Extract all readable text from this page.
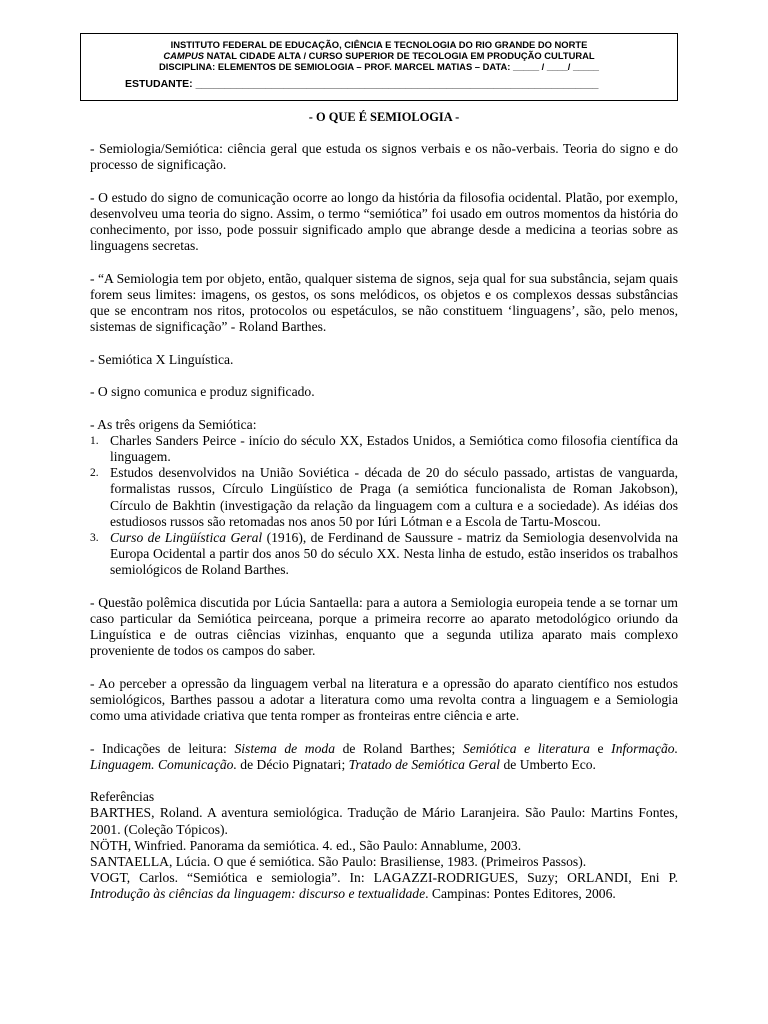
INSTITUTO FEDERAL DE EDUCAÇÃO, CIÊNCIA E TECNOLOGIA DO RIO GRANDE DO NORTE
CAMPUS NATAL CIDADE ALTA / CURSO SUPERIOR DE TECOLOGIA EM PRODUÇÃO CULTURAL
DISCIPLINA: ELEMENTOS DE SEMIOLOGIA – PROF. MARCEL MATIAS – DATA: _____ / ____/ _____
ESTUDANTE: _____________________________________________________________________
- O QUE É SEMIOLOGIA -

- Semiologia/Semiótica: ciência geral que estuda os signos verbais e os não-verbais. Teoria do signo e do processo de significação.

- O estudo do signo de comunicação ocorre ao longo da história da filosofia ocidental. Platão, por exemplo, desenvolveu uma teoria do signo. Assim, o termo “semiótica” foi usado em outros momentos da história do conhecimento, por isso, pode possuir significado amplo que abrange desde a medicina a teorias sobre as linguagens secretas.

- “A Semiologia tem por objeto, então, qualquer sistema de signos, seja qual for sua substância, sejam quais forem seus limites: imagens, os gestos, os sons melódicos, os objetos e os complexos dessas substâncias que se encontram nos ritos, protocolos ou espetáculos, se não constituem ‘linguagens’, são, pelo menos, sistemas de significação” - Roland Barthes.

- Semiótica X Linguística.

- O signo comunica e produz significado.

- As três origens da Semiótica:

1. Charles Sanders Peirce - início do século XX, Estados Unidos, a Semiótica como filosofia científica da linguagem.
2. Estudos desenvolvidos na União Soviética - década de 20 do século passado, artistas de vanguarda, formalistas russos, Círculo Lingüístico de Praga (a semiótica funcionalista de Roman Jakobson), Círculo de Bakhtin (investigação da relação da linguagem com a cultura e a sociedade). As idéias dos estudiosos russos são retomadas nos anos 50 por Iúri Lótman e a Escola de Tartu-Moscou.
3. Curso de Lingüística Geral (1916), de Ferdinand de Saussure - matriz da Semiologia desenvolvida na Europa Ocidental a partir dos anos 50 do século XX. Nesta linha de estudo, estão inseridos os trabalhos semiológicos de Roland Barthes.

- Questão polêmica discutida por Lúcia Santaella: para a autora a Semiologia europeia tende a se tornar um caso particular da Semiótica peirceana, porque a primeira recorre ao aparato metodológico oriundo da Linguística e de outras ciências vizinhas, enquanto que a segunda utiliza aparato mais complexo proveniente de todos os campos do saber.

- Ao perceber a opressão da linguagem verbal na literatura e a opressão do aparato científico nos estudos semiológicos, Barthes passou a adotar a literatura como uma revolta contra a linguagem e a Semiologia como uma atividade criativa que tenta romper as fronteiras entre ciência e arte.

- Indicações de leitura: Sistema de moda de Roland Barthes; Semiótica e literatura e Informação. Linguagem. Comunicação. de Décio Pignatari; Tratado de Semiótica Geral de Umberto Eco.

Referências
BARTHES, Roland. A aventura semiológica. Tradução de Mário Laranjeira. São Paulo: Martins Fontes, 2001. (Coleção Tópicos).
NÖTH, Winfried. Panorama da semiótica. 4. ed., São Paulo: Annablume, 2003.
SANTAELLA, Lúcia. O que é semiótica. São Paulo: Brasiliense, 1983. (Primeiros Passos).
VOGT, Carlos. “Semiótica e semiologia”. In: LAGAZZI-RODRIGUES, Suzy; ORLANDI, Eni P. Introdução às ciências da linguagem: discurso e textualidade. Campinas: Pontes Editores, 2006.
